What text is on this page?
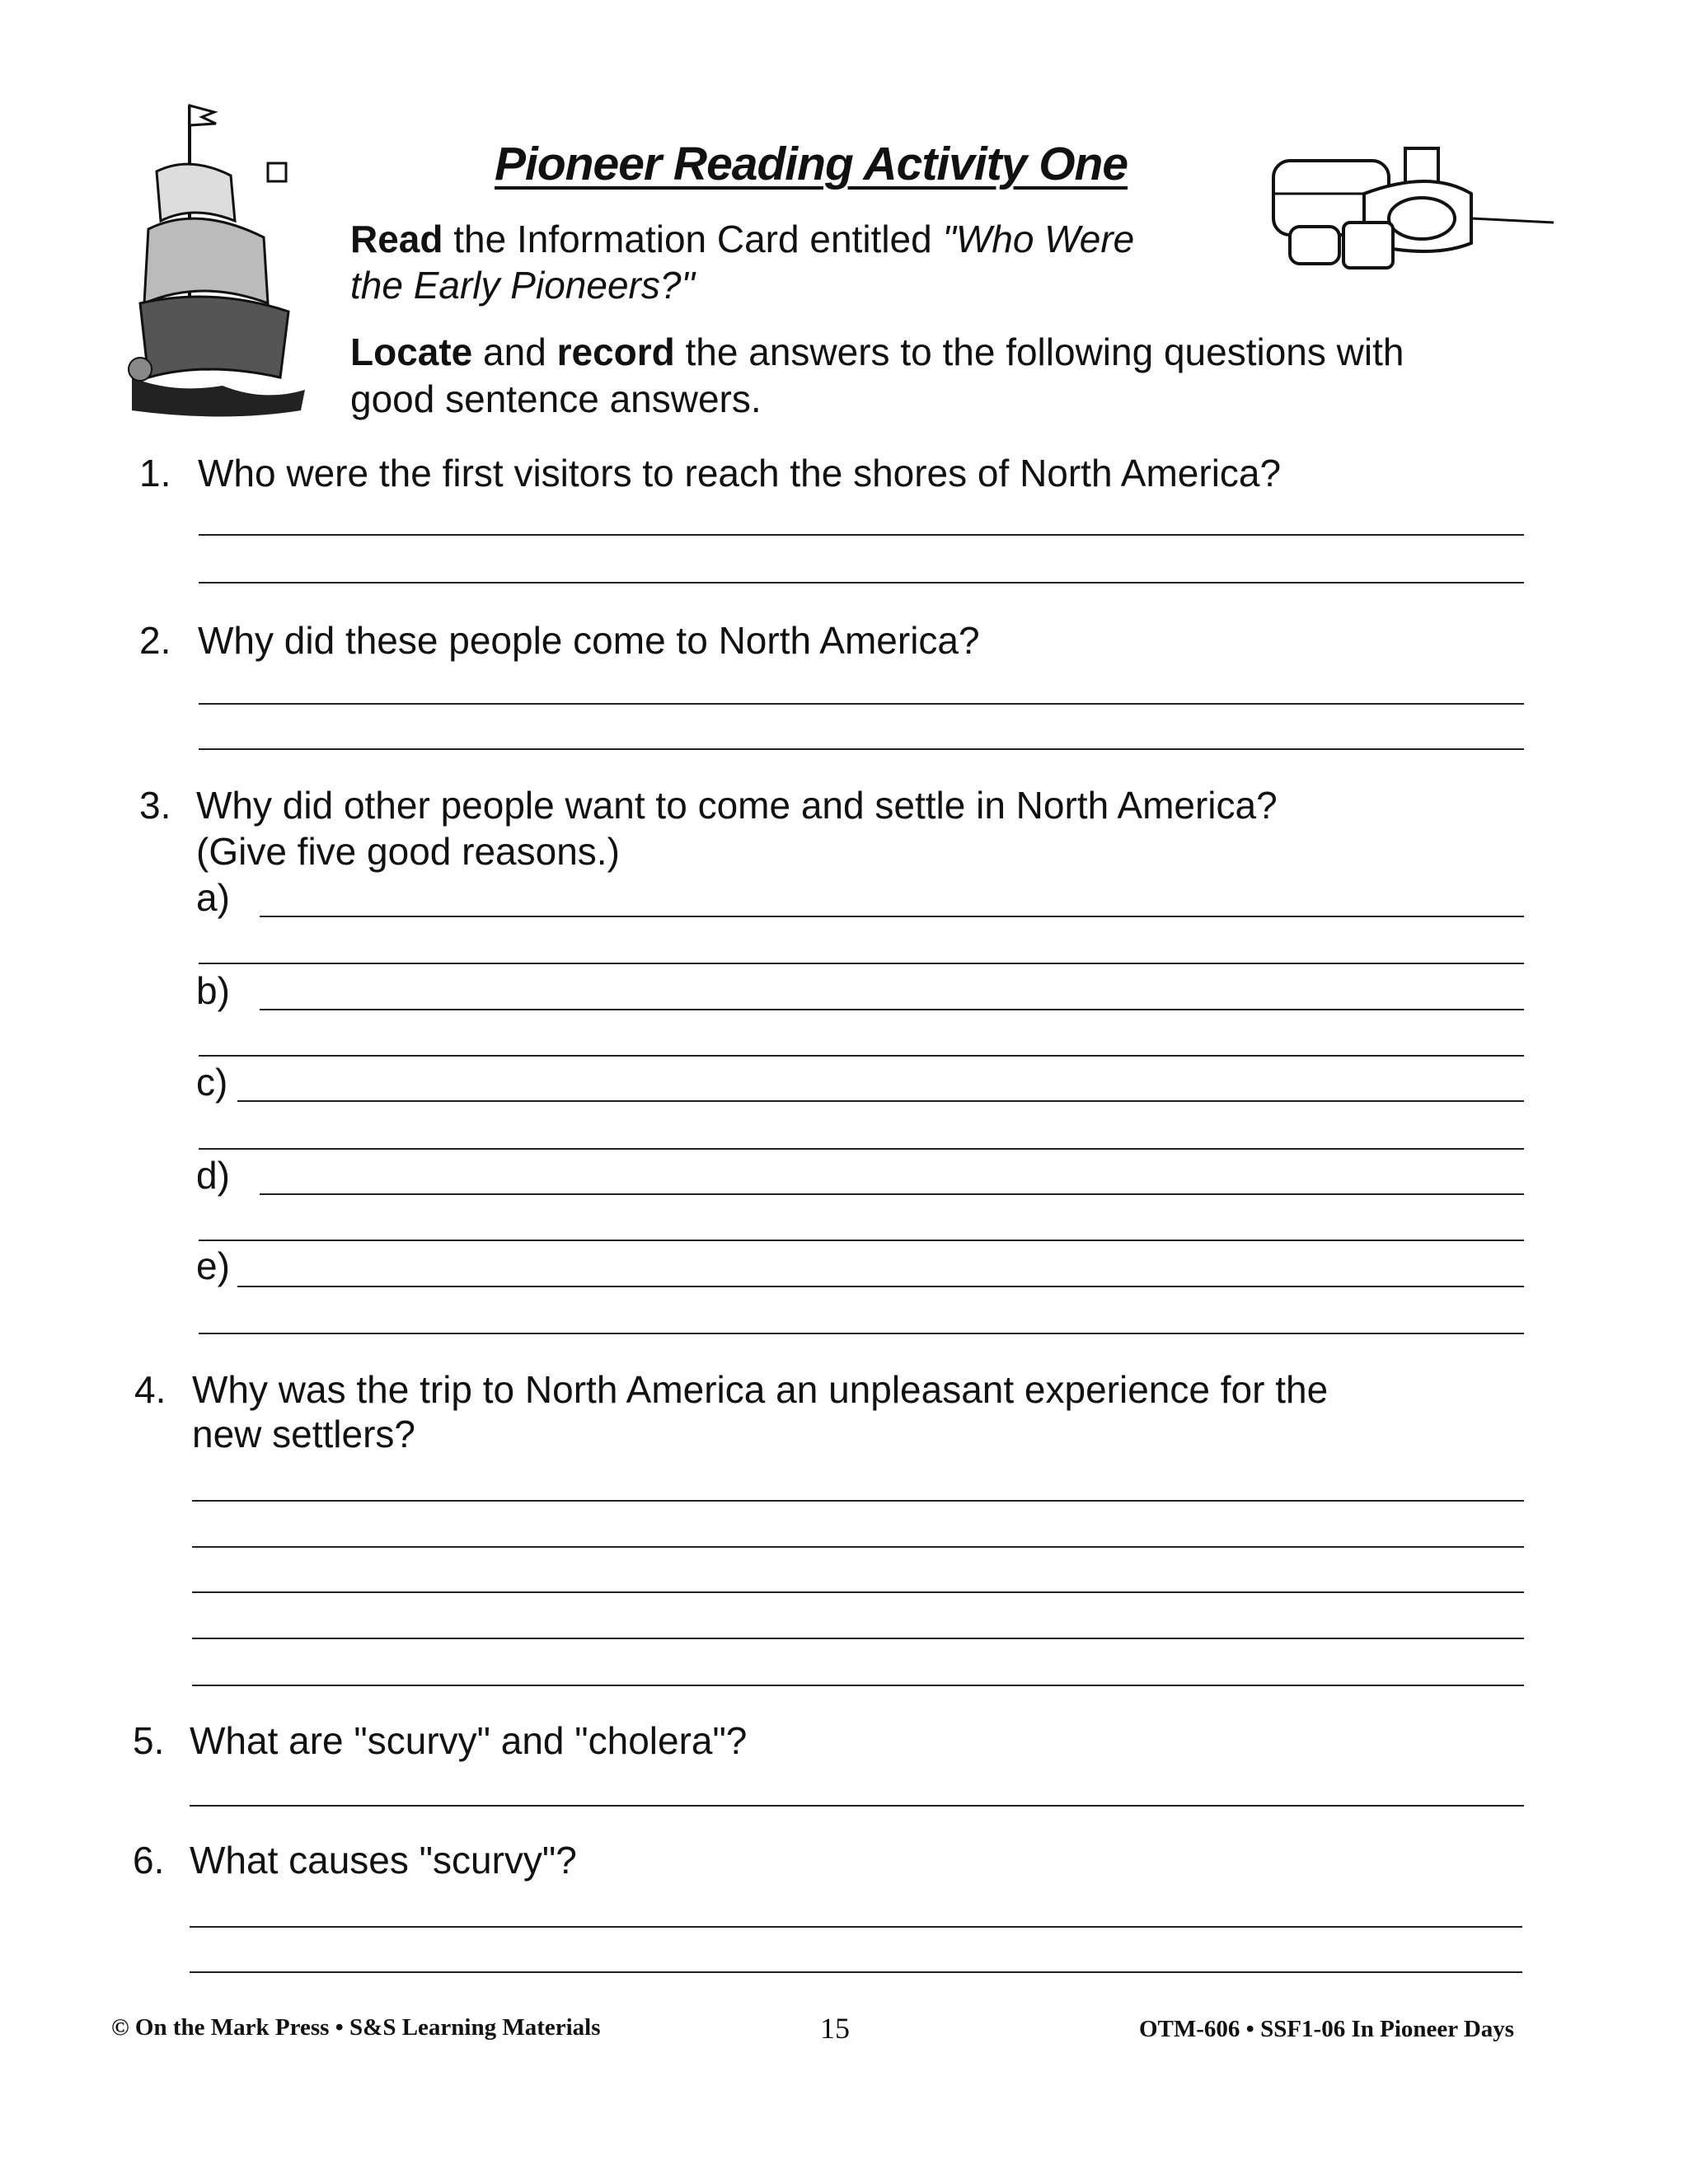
Pioneer Reading Activity One
Read the Information Card entitled "Who Were
the Early Pioneers?"
Locate and record the answers to the following questions with
good sentence answers.
1. Who were the first visitors to reach the shores of North America?
2. Why did these people come to North America?
3. Why did other people want to come and settle in North America?
(Give five good reasons.)
a)
b)
c)
d)
e)
4. Why was the trip to North America an unpleasant experience for the
new settlers?
5. What are "scurvy" and "cholera"?
6. What causes "scurvy"?
© On the Mark Press • S&S Learning Materials	15	OTM-606 • SSF1-06 In Pioneer Days
